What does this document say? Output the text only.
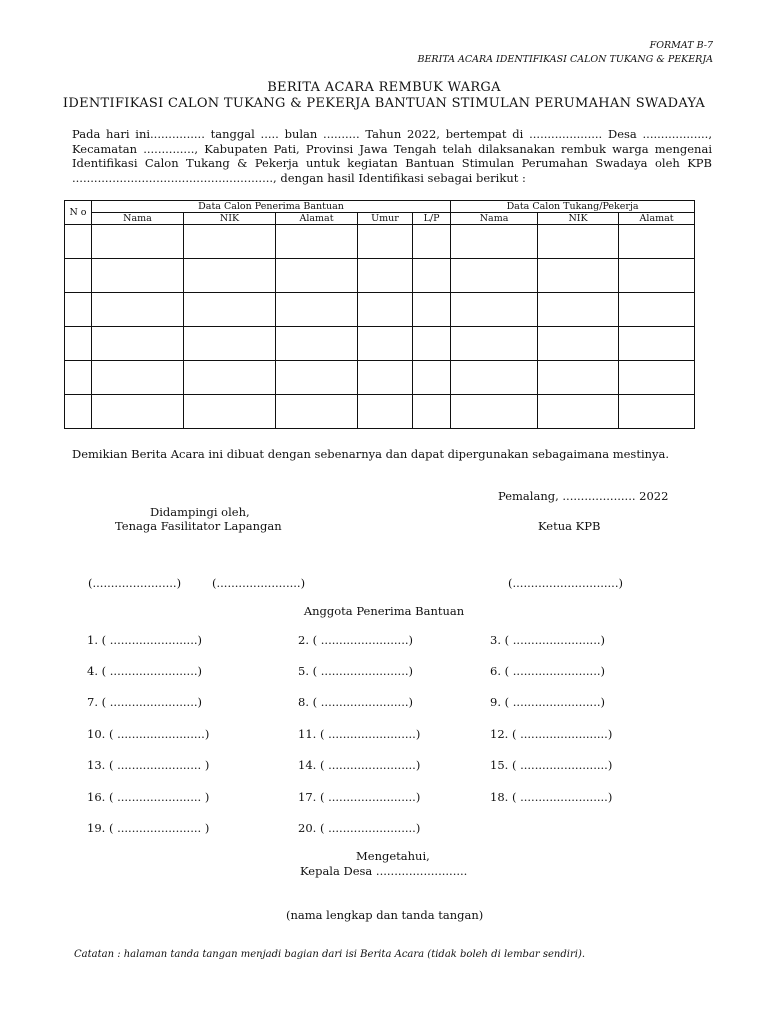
FORMAT B-7
BERITA ACARA IDENTIFIKASI CALON TUKANG & PEKERJA
BERITA ACARA REMBUK WARGA
IDENTIFIKASI CALON TUKANG & PEKERJA BANTUAN STIMULAN PERUMAHAN SWADAYA
Pada hari ini............... tanggal ..... bulan .......... Tahun 2022, bertempat di .................... Desa .................., Kecamatan .............., Kabupaten Pati, Provinsi Jawa Tengah telah dilaksanakan rembuk warga mengenai Identifikasi Calon Tukang & Pekerja untuk kegiatan Bantuan Stimulan Perumahan Swadaya oleh KPB ......................................................., dengan hasil Identifikasi sebagai berikut :
N o	Data Calon Penerima Bantuan					Data Calon Tukang/Pekerja		
	Nama	NIK	Alamat	Umur	L/P	Nama	NIK	Alamat

Demikian Berita Acara ini dibuat dengan sebenarnya dan dapat dipergunakan sebagaimana mestinya.
Pemalang, .................... 2022
Didampingi oleh,
Tenaga Fasilitator Lapangan
(.......................)	(.......................)
Ketua KPB
(.............................)
Anggota Penerima Bantuan
1. ( ........................)	2. ( ........................)	3. ( ........................)
4. ( ........................)	5. ( ........................)	6. ( ........................)
7. ( ........................)	8. ( ........................)	9. ( ........................)
10. ( ........................)	11. ( ........................)	12. ( ........................)
13. ( ....................... )	14. ( ........................)	15. ( ........................)
16. ( ....................... )	17. ( ........................)	18. ( ........................)
19. ( ....................... )	20. ( ........................)
Mengetahui,
Kepala Desa .........................
(nama lengkap dan tanda tangan)
Catatan : halaman tanda tangan menjadi bagian dari isi Berita Acara (tidak boleh di lembar sendiri).
